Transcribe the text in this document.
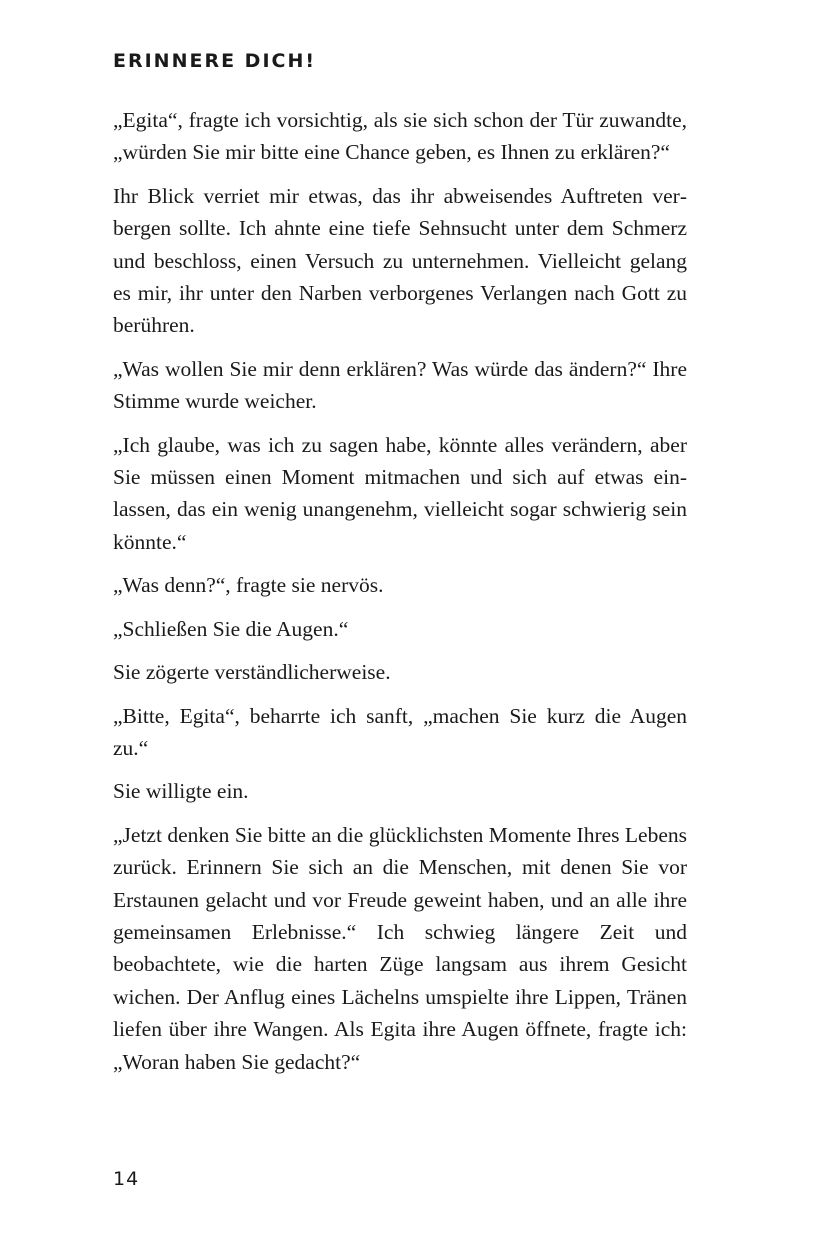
ERINNERE DICH!

„Egita“, fragte ich vorsichtig, als sie sich schon der Tür zuwandte, „würden Sie mir bitte eine Chance geben, es Ihnen zu erklären?“

Ihr Blick verriet mir etwas, das ihr abweisendes Auftreten verbergen sollte. Ich ahnte eine tiefe Sehnsucht unter dem Schmerz und beschloss, einen Versuch zu unternehmen. Vielleicht gelang es mir, ihr unter den Narben verborgenes Verlangen nach Gott zu berühren.

„Was wollen Sie mir denn erklären? Was würde das ändern?“ Ihre Stimme wurde weicher.

„Ich glaube, was ich zu sagen habe, könnte alles verändern, aber Sie müssen einen Moment mitmachen und sich auf etwas einlassen, das ein wenig unangenehm, vielleicht sogar schwierig sein könnte.“

„Was denn?“, fragte sie nervös.

„Schließen Sie die Augen.“

Sie zögerte verständlicherweise.

„Bitte, Egita“, beharrte ich sanft, „machen Sie kurz die Augen zu.“

Sie willigte ein.

„Jetzt denken Sie bitte an die glücklichsten Momente Ihres Lebens zurück. Erinnern Sie sich an die Menschen, mit denen Sie vor Erstaunen gelacht und vor Freude geweint haben, und an alle ihre gemeinsamen Erlebnisse.“ Ich schwieg längere Zeit und beobachtete, wie die harten Züge langsam aus ihrem Gesicht wichen. Der Anflug eines Lächelns umspielte ihre Lippen, Tränen liefen über ihre Wangen. Als Egita ihre Augen öffnete, fragte ich: „Woran haben Sie gedacht?“

14
